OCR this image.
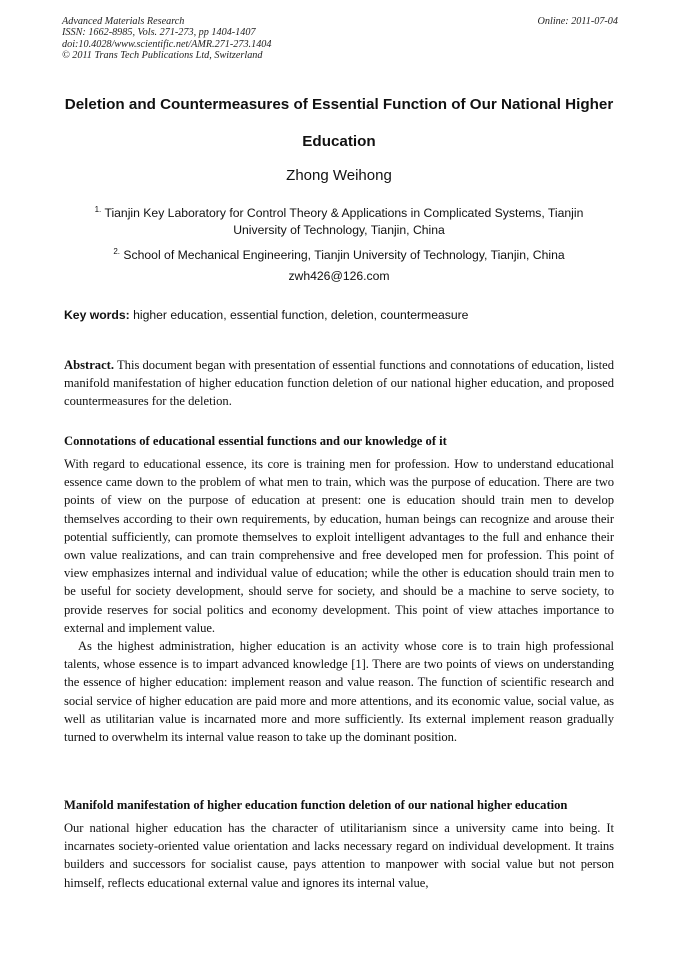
Advanced Materials Research
ISSN: 1662-8985, Vols. 271-273, pp 1404-1407
doi:10.4028/www.scientific.net/AMR.271-273.1404
© 2011 Trans Tech Publications Ltd, Switzerland
Online: 2011-07-04
Deletion and Countermeasures of Essential Function of Our National Higher Education
Zhong Weihong
$^{1.}$ Tianjin Key Laboratory for Control Theory & Applications in Complicated Systems, Tianjin University of Technology, Tianjin, China
$^{2.}$ School of Mechanical Engineering, Tianjin University of Technology, Tianjin, China
zwh426@126.com
Key words: higher education, essential function, deletion, countermeasure
Abstract. This document began with presentation of essential functions and connotations of education, listed manifold manifestation of higher education function deletion of our national higher education, and proposed countermeasures for the deletion.
Connotations of educational essential functions and our knowledge of it
With regard to educational essence, its core is training men for profession. How to understand educational essence came down to the problem of what men to train, which was the purpose of education. There are two points of view on the purpose of education at present: one is education should train men to develop themselves according to their own requirements, by education, human beings can recognize and arouse their potential sufficiently, can promote themselves to exploit intelligent advantages to the full and enhance their own value realizations, and can train comprehensive and free developed men for profession. This point of view emphasizes internal and individual value of education; while the other is education should train men to be useful for society development, should serve for society, and should be a machine to serve society, to provide reserves for social politics and economy development. This point of view attaches importance to external and implement value.
As the highest administration, higher education is an activity whose core is to train high professional talents, whose essence is to impart advanced knowledge [1]. There are two points of views on understanding the essence of higher education: implement reason and value reason. The function of scientific research and social service of higher education are paid more and more attentions, and its economic value, social value, as well as utilitarian value is incarnated more and more sufficiently. Its external implement reason gradually turned to overwhelm its internal value reason to take up the dominant position.
Manifold manifestation of higher education function deletion of our national higher education
Our national higher education has the character of utilitarianism since a university came into being. It incarnates society-oriented value orientation and lacks necessary regard on individual development. It trains builders and successors for socialist cause, pays attention to manpower with social value but not person himself, reflects educational external value and ignores its internal value,
